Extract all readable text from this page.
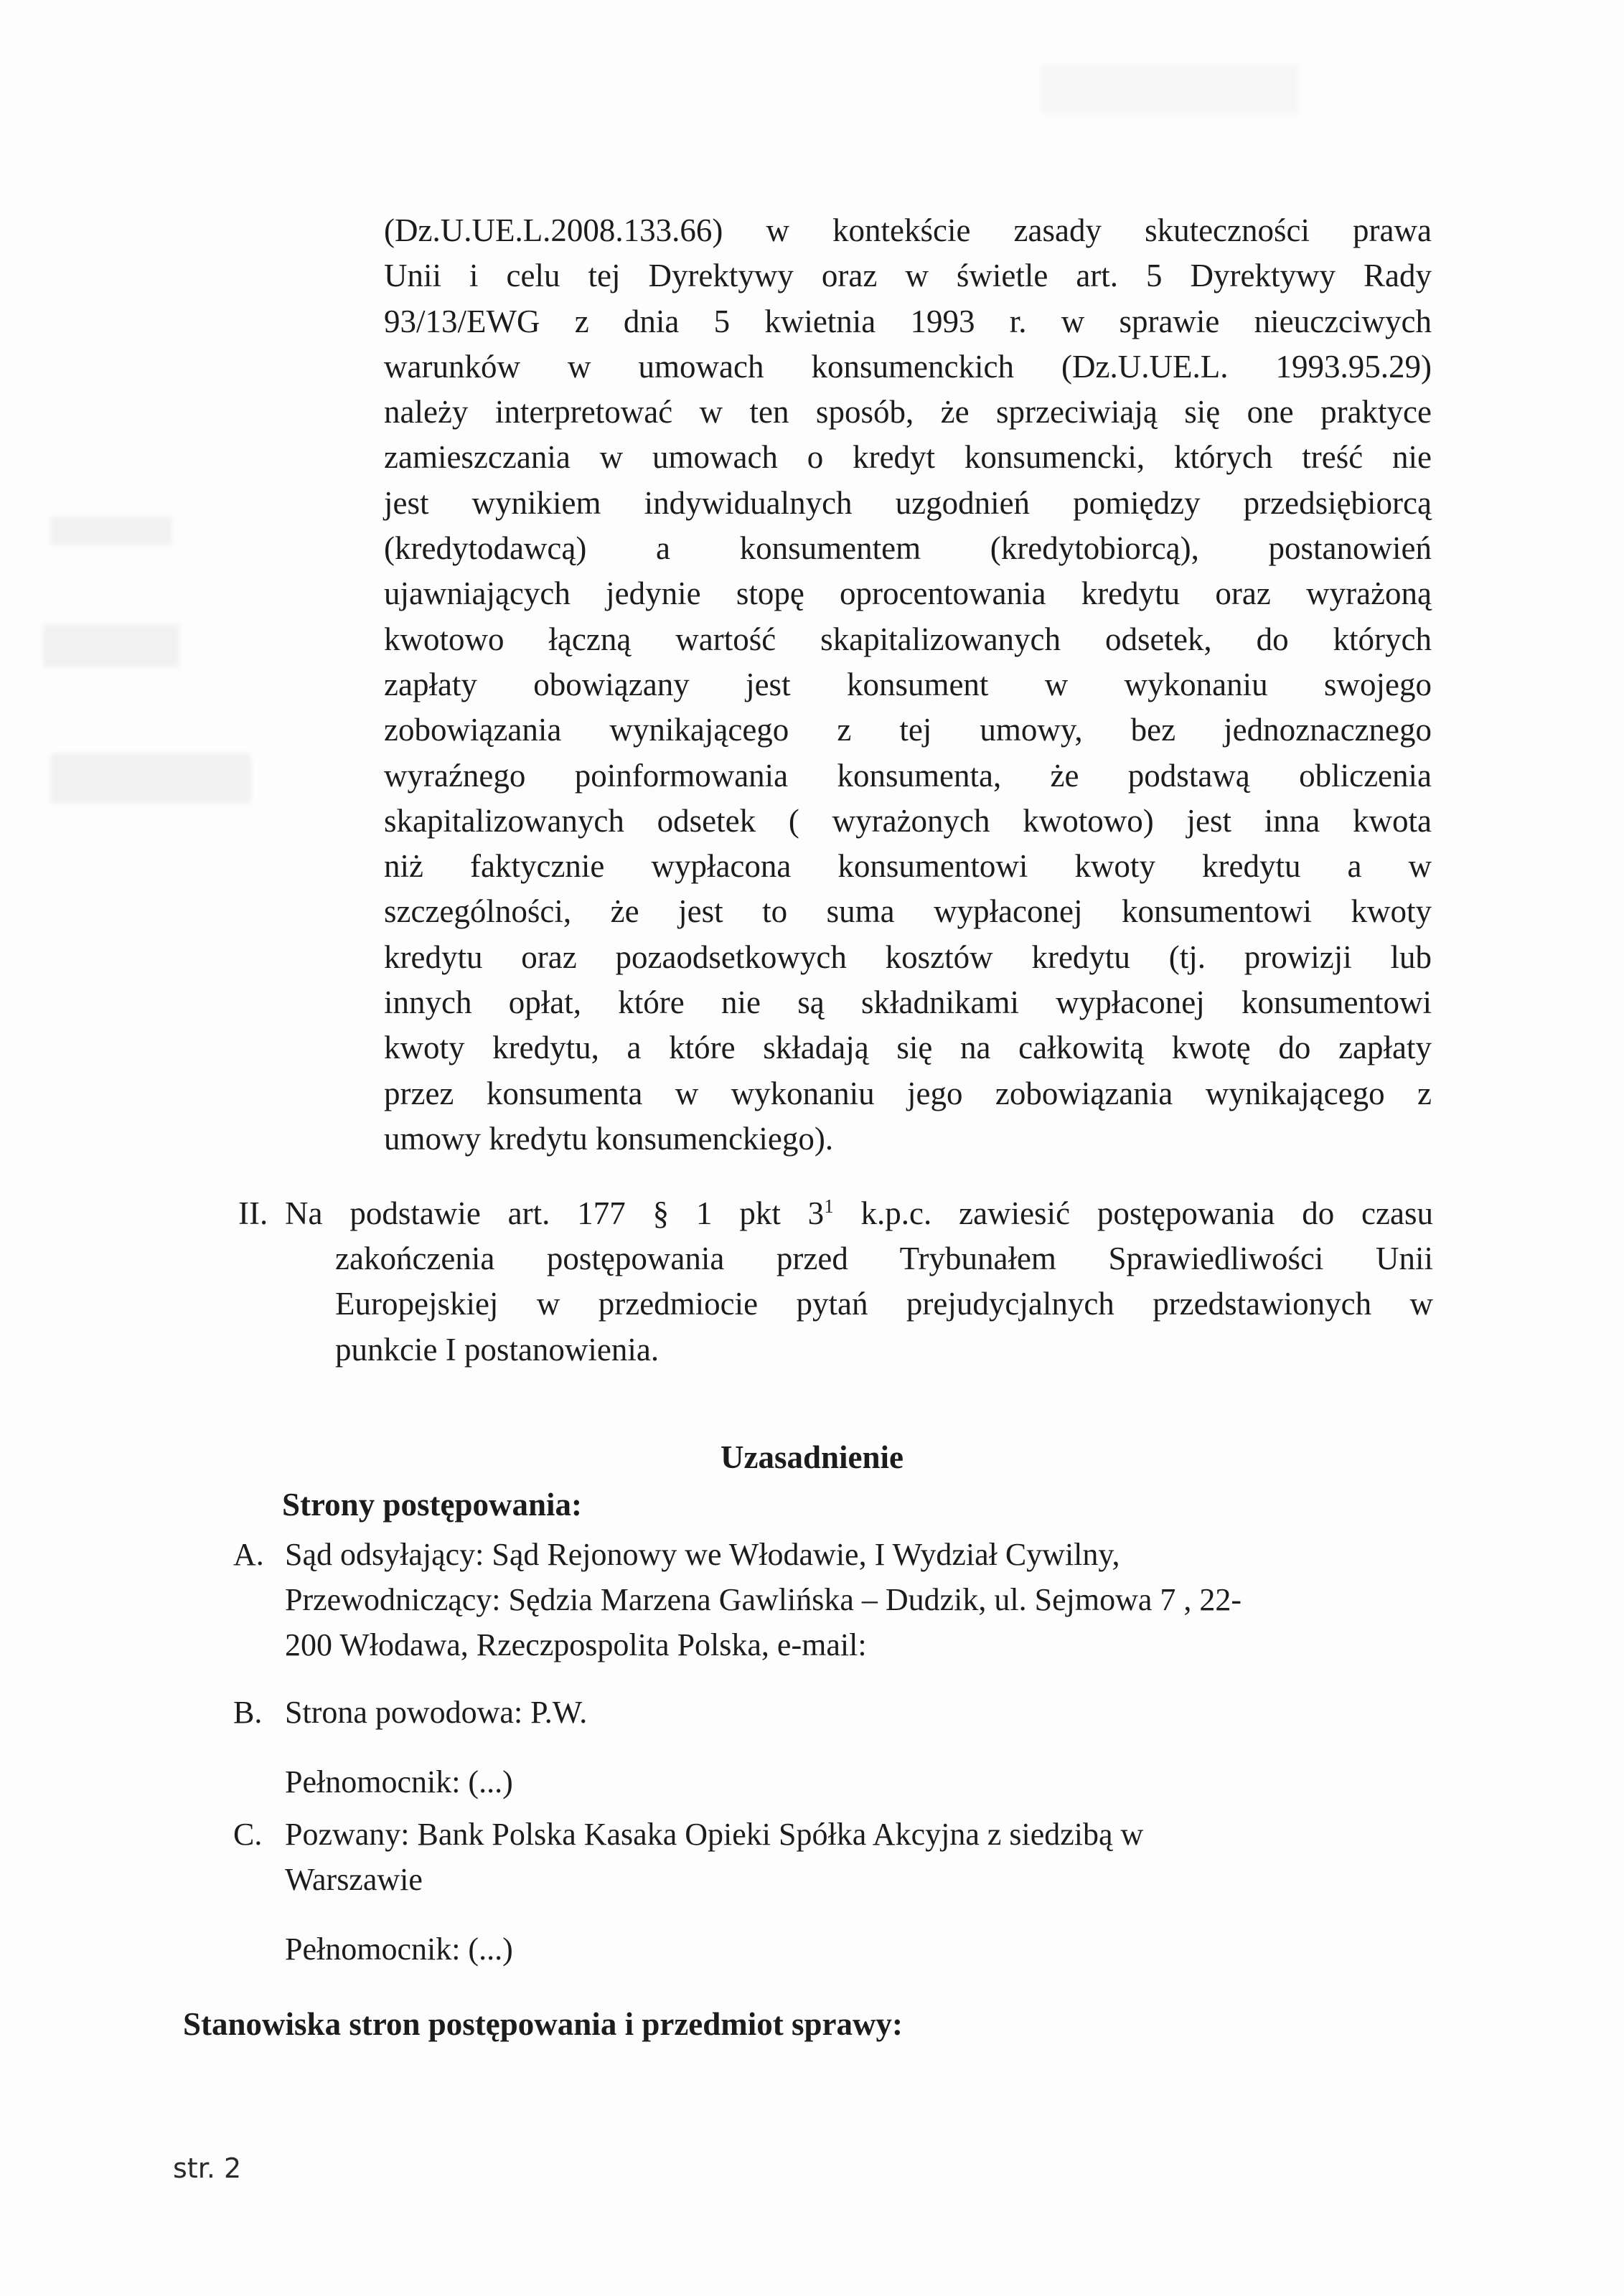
(Dz.U.UE.L.2008.133.66) w kontekście zasady skuteczności prawa
Unii i celu tej Dyrektywy oraz w świetle art. 5 Dyrektywy Rady
93/13/EWG z dnia 5 kwietnia 1993 r. w sprawie nieuczciwych
warunków w umowach konsumenckich (Dz.U.UE.L. 1993.95.29)
należy interpretować w ten sposób, że sprzeciwiają się one praktyce
zamieszczania w umowach o kredyt konsumencki, których treść nie
jest wynikiem indywidualnych uzgodnień pomiędzy przedsiębiorcą
(kredytodawcą) a konsumentem (kredytobiorcą), postanowień
ujawniających jedynie stopę oprocentowania kredytu oraz wyrażoną
kwotowo łączną wartość skapitalizowanych odsetek, do których
zapłaty obowiązany jest konsument w wykonaniu swojego
zobowiązania wynikającego z tej umowy, bez jednoznacznego
wyraźnego poinformowania konsumenta, że podstawą obliczenia
skapitalizowanych odsetek ( wyrażonych kwotowo) jest inna kwota
niż faktycznie wypłacona konsumentowi kwoty kredytu a w
szczególności, że jest to suma wypłaconej konsumentowi kwoty
kredytu oraz pozaodsetkowych kosztów kredytu (tj. prowizji lub
innych opłat, które nie są składnikami wypłaconej konsumentowi
kwoty kredytu, a które składają się na całkowitą kwotę do zapłaty
przez konsumenta w wykonaniu jego zobowiązania wynikającego z
umowy kredytu konsumenckiego).
II. Na podstawie art. 177 § 1 pkt $3^1$ k.p.c. zawiesić postępowania do czasu
zakończenia postępowania przed Trybunałem Sprawiedliwości Unii
Europejskiej w przedmiocie pytań prejudycjalnych przedstawionych w
punkcie I postanowienia.
Uzasadnienie
Strony postępowania:
A. Sąd odsyłający: Sąd Rejonowy we Włodawie, I Wydział Cywilny,
Przewodniczący: Sędzia Marzena Gawlińska – Dudzik, ul. Sejmowa 7 , 22-
200 Włodawa, Rzeczpospolita Polska, e-mail:
B. Strona powodowa: P.W.
Pełnomocnik: (...)
C. Pozwany: Bank Polska Kasaka Opieki Spółka Akcyjna z siedzibą w
Warszawie
Pełnomocnik: (...)
Stanowiska stron postępowania i przedmiot sprawy:
str. 2
